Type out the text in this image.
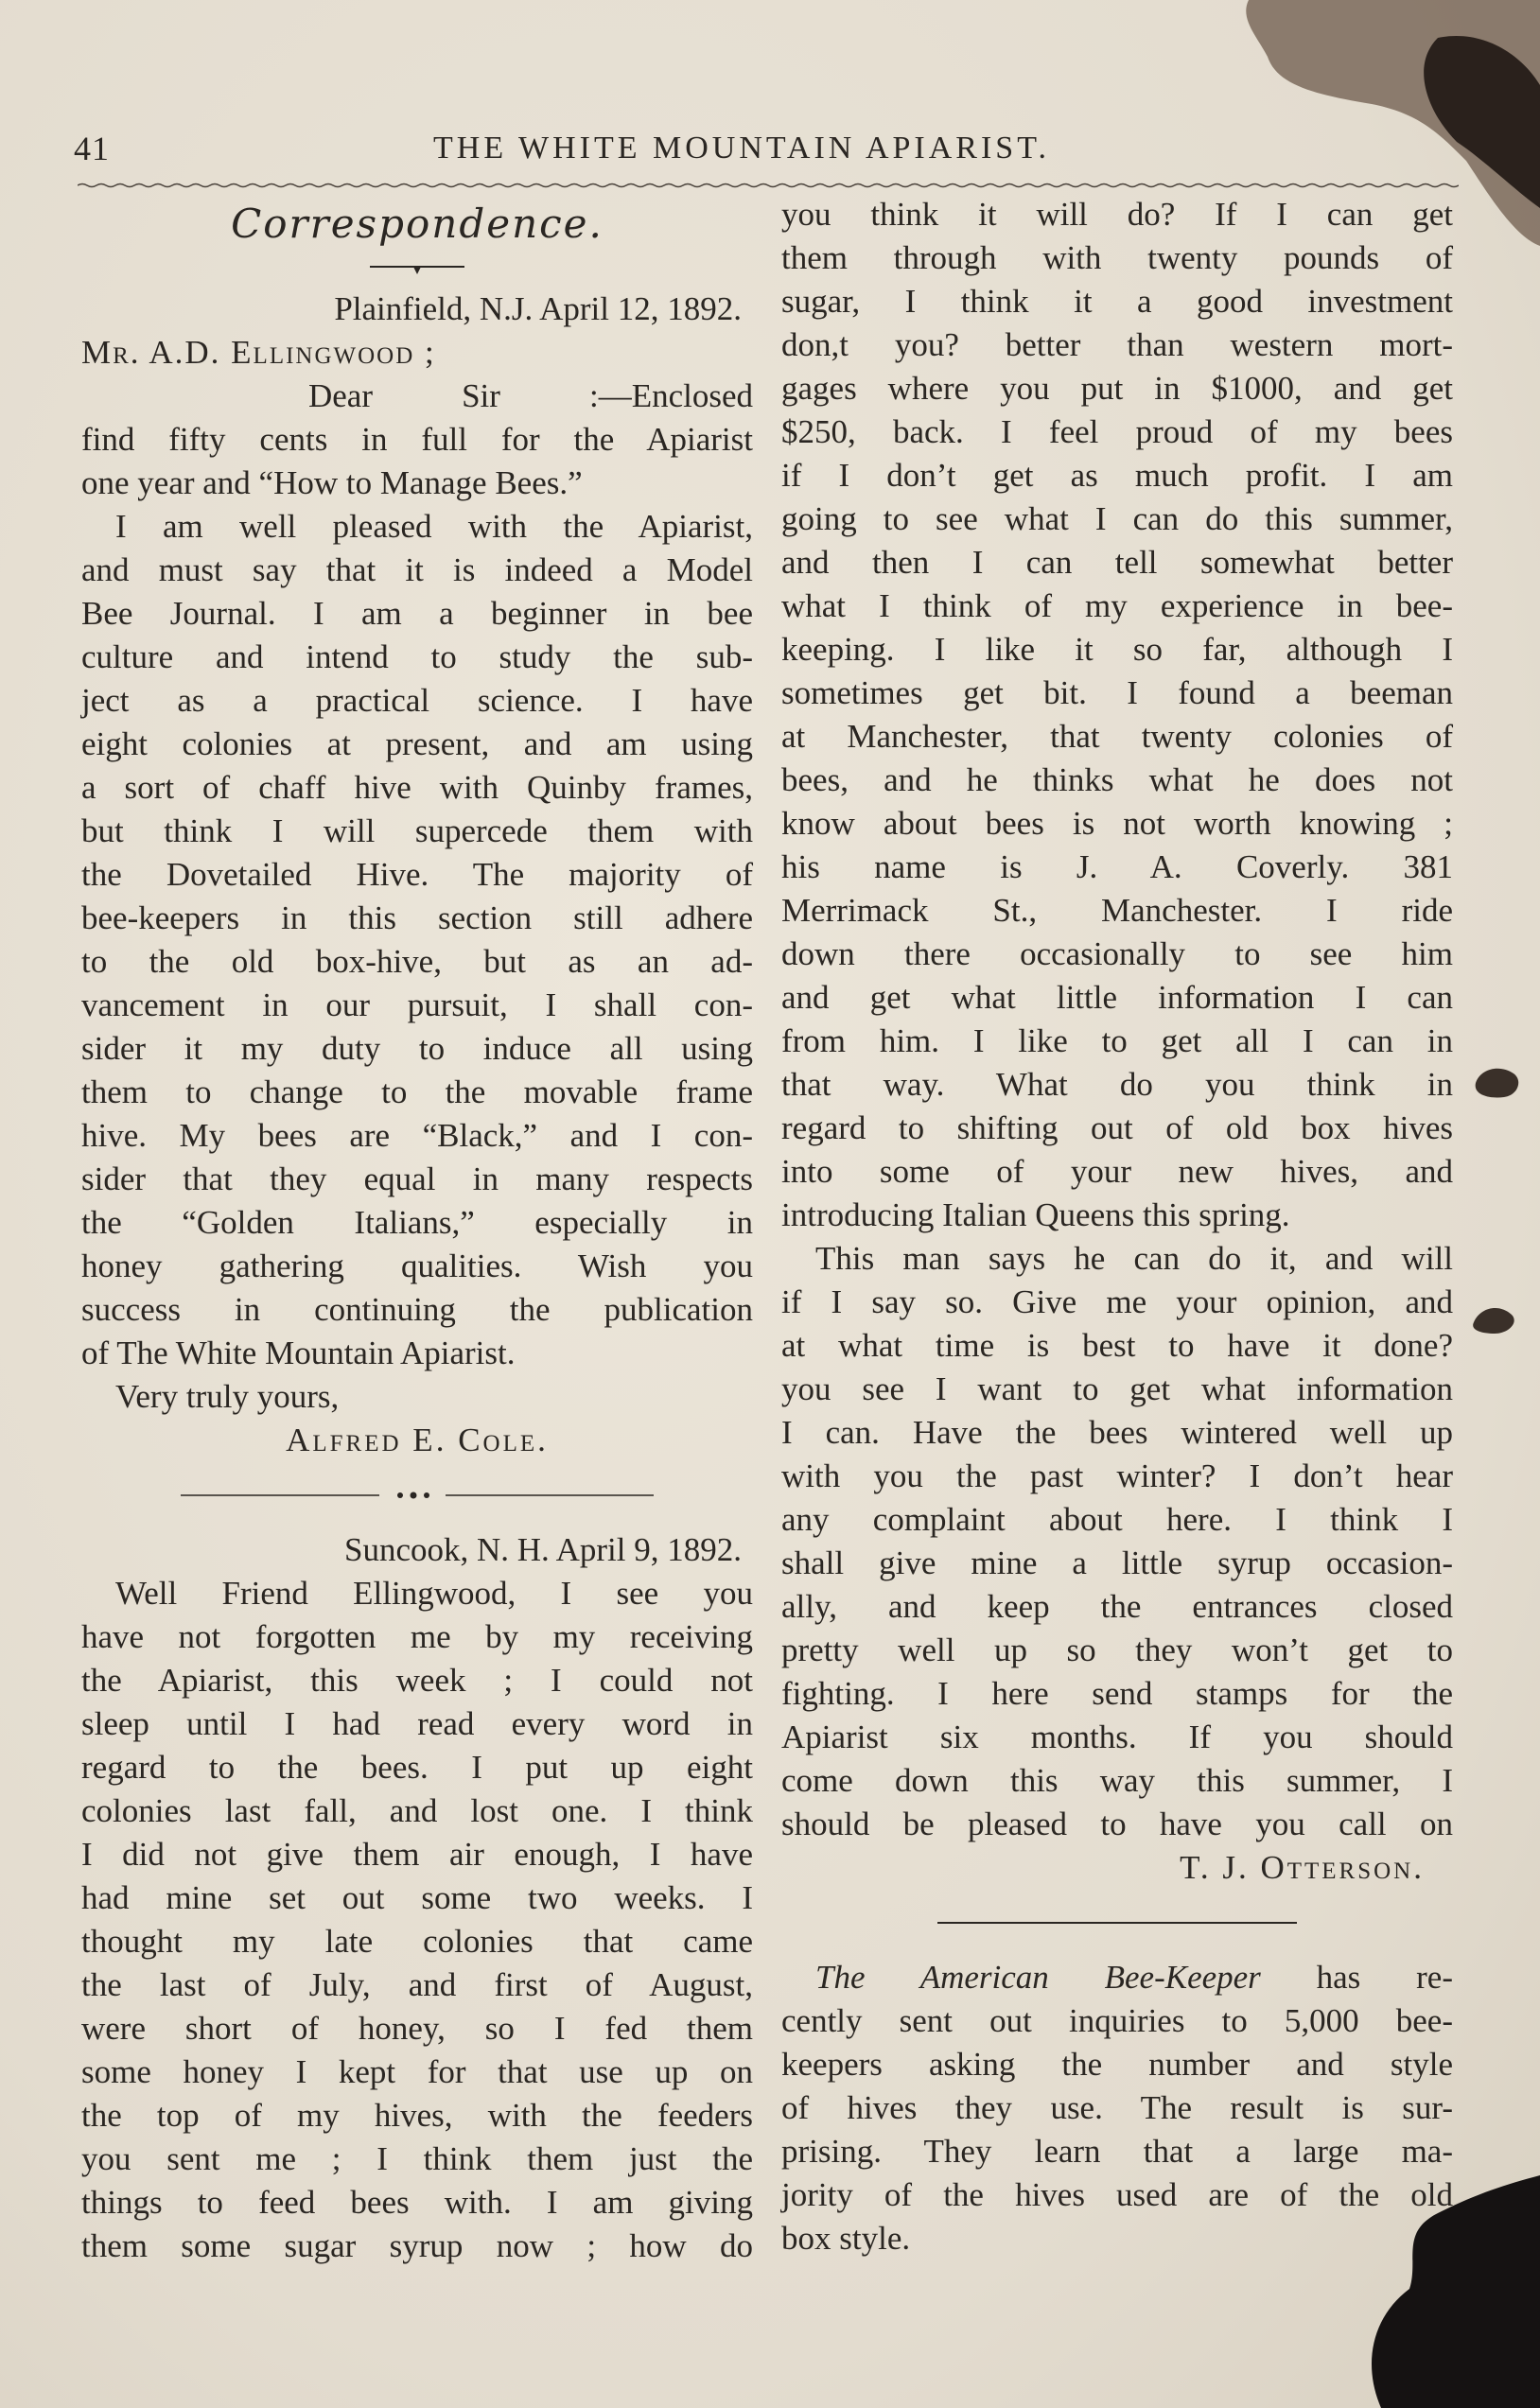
41	THE WHITE MOUNTAIN APIARIST.
Correspondence.
Plainfield, N.J. April 12, 1892.
Mr. A.D. Ellingwood ;
Dear Sir :—Enclosed
find fifty cents in full for the Apiarist
one year and “How to Manage Bees.”
I am well pleased with the Apiarist,
and must say that it is indeed a Model
Bee Journal. I am a beginner in bee
culture and intend to study the sub-
ject as a practical science. I have
eight colonies at present, and am using
a sort of chaff hive with Quinby frames,
but think I will supercede them with
the Dovetailed Hive. The majority of
bee-keepers in this section still adhere
to the old box-hive, but as an ad-
vancement in our pursuit, I shall con-
sider it my duty to induce all using
them to change to the movable frame
hive. My bees are “Black,” and I con-
sider that they equal in many respects
the “Golden Italians,” especially in
honey gathering qualities. Wish you
success in continuing the publication
of The White Mountain Apiarist.
Very truly yours,
Alfred E. Cole.
Suncook, N. H. April 9, 1892.
Well Friend Ellingwood, I see you
have not forgotten me by my receiving
the Apiarist, this week ; I could not
sleep until I had read every word in
regard to the bees. I put up eight
colonies last fall, and lost one. I think
I did not give them air enough, I have
had mine set out some two weeks. I
thought my late colonies that came
the last of July, and first of August,
were short of honey, so I fed them
some honey I kept for that use up on
the top of my hives, with the feeders
you sent me ; I think them just the
things to feed bees with. I am giving
them some sugar syrup now ; how do
you think it will do? If I can get
them through with twenty pounds of
sugar, I think it a good investment
don,t you? better than western mort-
gages where you put in $1000, and get
$250, back. I feel proud of my bees
if I don’t get as much profit. I am
going to see what I can do this summer,
and then I can tell somewhat better
what I think of my experience in bee-
keeping. I like it so far, although I
sometimes get bit. I found a beeman
at Manchester, that twenty colonies of
bees, and he thinks what he does not
know about bees is not worth knowing ;
his name is J. A. Coverly. 381
Merrimack St., Manchester. I ride
down there occasionally to see him
and get what little information I can
from him. I like to get all I can in
that way. What do you think in
regard to shifting out of old box hives
into some of your new hives, and
introducing Italian Queens this spring.
This man says he can do it, and will
if I say so. Give me your opinion, and
at what time is best to have it done?
you see I want to get what information
I can. Have the bees wintered well up
with you the past winter? I don’t hear
any complaint about here. I think I
shall give mine a little syrup occasion-
ally, and keep the entrances closed
pretty well up so they won’t get to
fighting. I here send stamps for the
Apiarist six months. If you should
come down this way this summer, I
should be pleased to have you call on
T. J. Otterson.
The American Bee-Keeper has re-
cently sent out inquiries to 5,000 bee-
keepers asking the number and style
of hives they use. The result is sur-
prising. They learn that a large ma-
jority of the hives used are of the old
box style.
